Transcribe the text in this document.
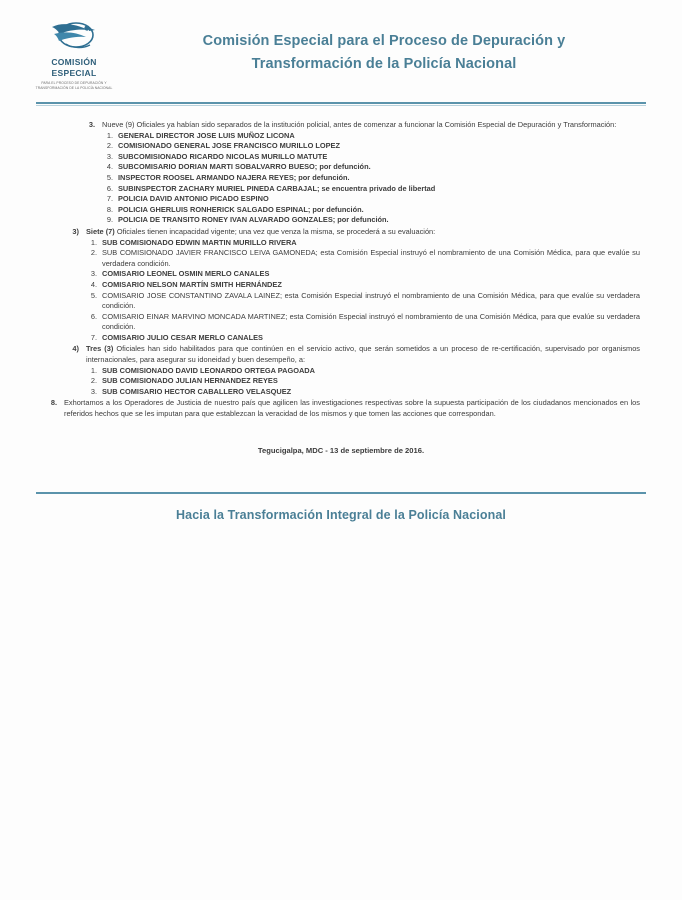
COMISIÓN
ESPECIAL
PARA EL PROCESO DE DEPURACIÓN Y TRANSFORMACIÓN DE LA POLICÍA NACIONAL
Comisión Especial para el Proceso de Depuración y
Transformación de la Policía Nacional
3. Nueve (9) Oficiales ya habían sido separados de la institución policial, antes de comenzar a funcionar la Comisión Especial de Depuración y Transformación:
1. GENERAL DIRECTOR JOSE LUIS MUÑOZ LICONA
2. COMISIONADO GENERAL JOSE FRANCISCO MURILLO LOPEZ
3. SUBCOMISIONADO RICARDO NICOLAS MURILLO MATUTE
4. SUBCOMISARIO DORIAN MARTI SOBALVARRO BUESO; por defunción.
5. INSPECTOR ROOSEL ARMANDO NAJERA REYES; por defunción.
6. SUBINSPECTOR ZACHARY MURIEL PINEDA CARBAJAL; se encuentra privado de libertad
7. POLICIA DAVID ANTONIO PICADO ESPINO
8. POLICIA GHERLUIS RONHERICK SALGADO ESPINAL; por defunción.
9. POLICIA DE TRANSITO RONEY IVAN ALVARADO GONZALES; por defunción.
3) Siete (7) Oficiales tienen incapacidad vigente; una vez que venza la misma, se procederá a su evaluación:
1. SUB COMISIONADO EDWIN MARTIN MURILLO RIVERA
2. SUB COMISIONADO JAVIER FRANCISCO LEIVA GAMONEDA; esta Comisión Especial instruyó el nombramiento de una Comisión Médica, para que evalúe su verdadera condición.
3. COMISARIO LEONEL OSMIN MERLO CANALES
4. COMISARIO NELSON MARTÍN SMITH HERNÁNDEZ
5. COMISARIO JOSE CONSTANTINO ZAVALA LAINEZ; esta Comisión Especial instruyó el nombramiento de una Comisión Médica, para que evalúe su verdadera condición.
6. COMISARIO EINAR MARVINO MONCADA MARTINEZ; esta Comisión Especial instruyó el nombramiento de una Comisión Médica, para que evalúe su verdadera condición.
7. COMISARIO JULIO CESAR MERLO CANALES
4) Tres (3) Oficiales han sido habilitados para que continúen en el servicio activo, que serán sometidos a un proceso de re-certificación, supervisado por organismos internacionales, para asegurar su idoneidad y buen desempeño, a:
1. SUB COMISIONADO DAVID LEONARDO ORTEGA PAGOADA
2. SUB COMISIONADO JULIAN HERNANDEZ REYES
3. SUB COMISARIO HECTOR CABALLERO VELASQUEZ
8. Exhortamos a los Operadores de Justicia de nuestro país que agilicen las investigaciones respectivas sobre la supuesta participación de los ciudadanos mencionados en los referidos hechos que se les imputan para que establezcan la veracidad de los mismos y que tomen las acciones que correspondan.
Tegucigalpa, MDC - 13 de septiembre de 2016.
Hacia la Transformación Integral de la Policía Nacional
